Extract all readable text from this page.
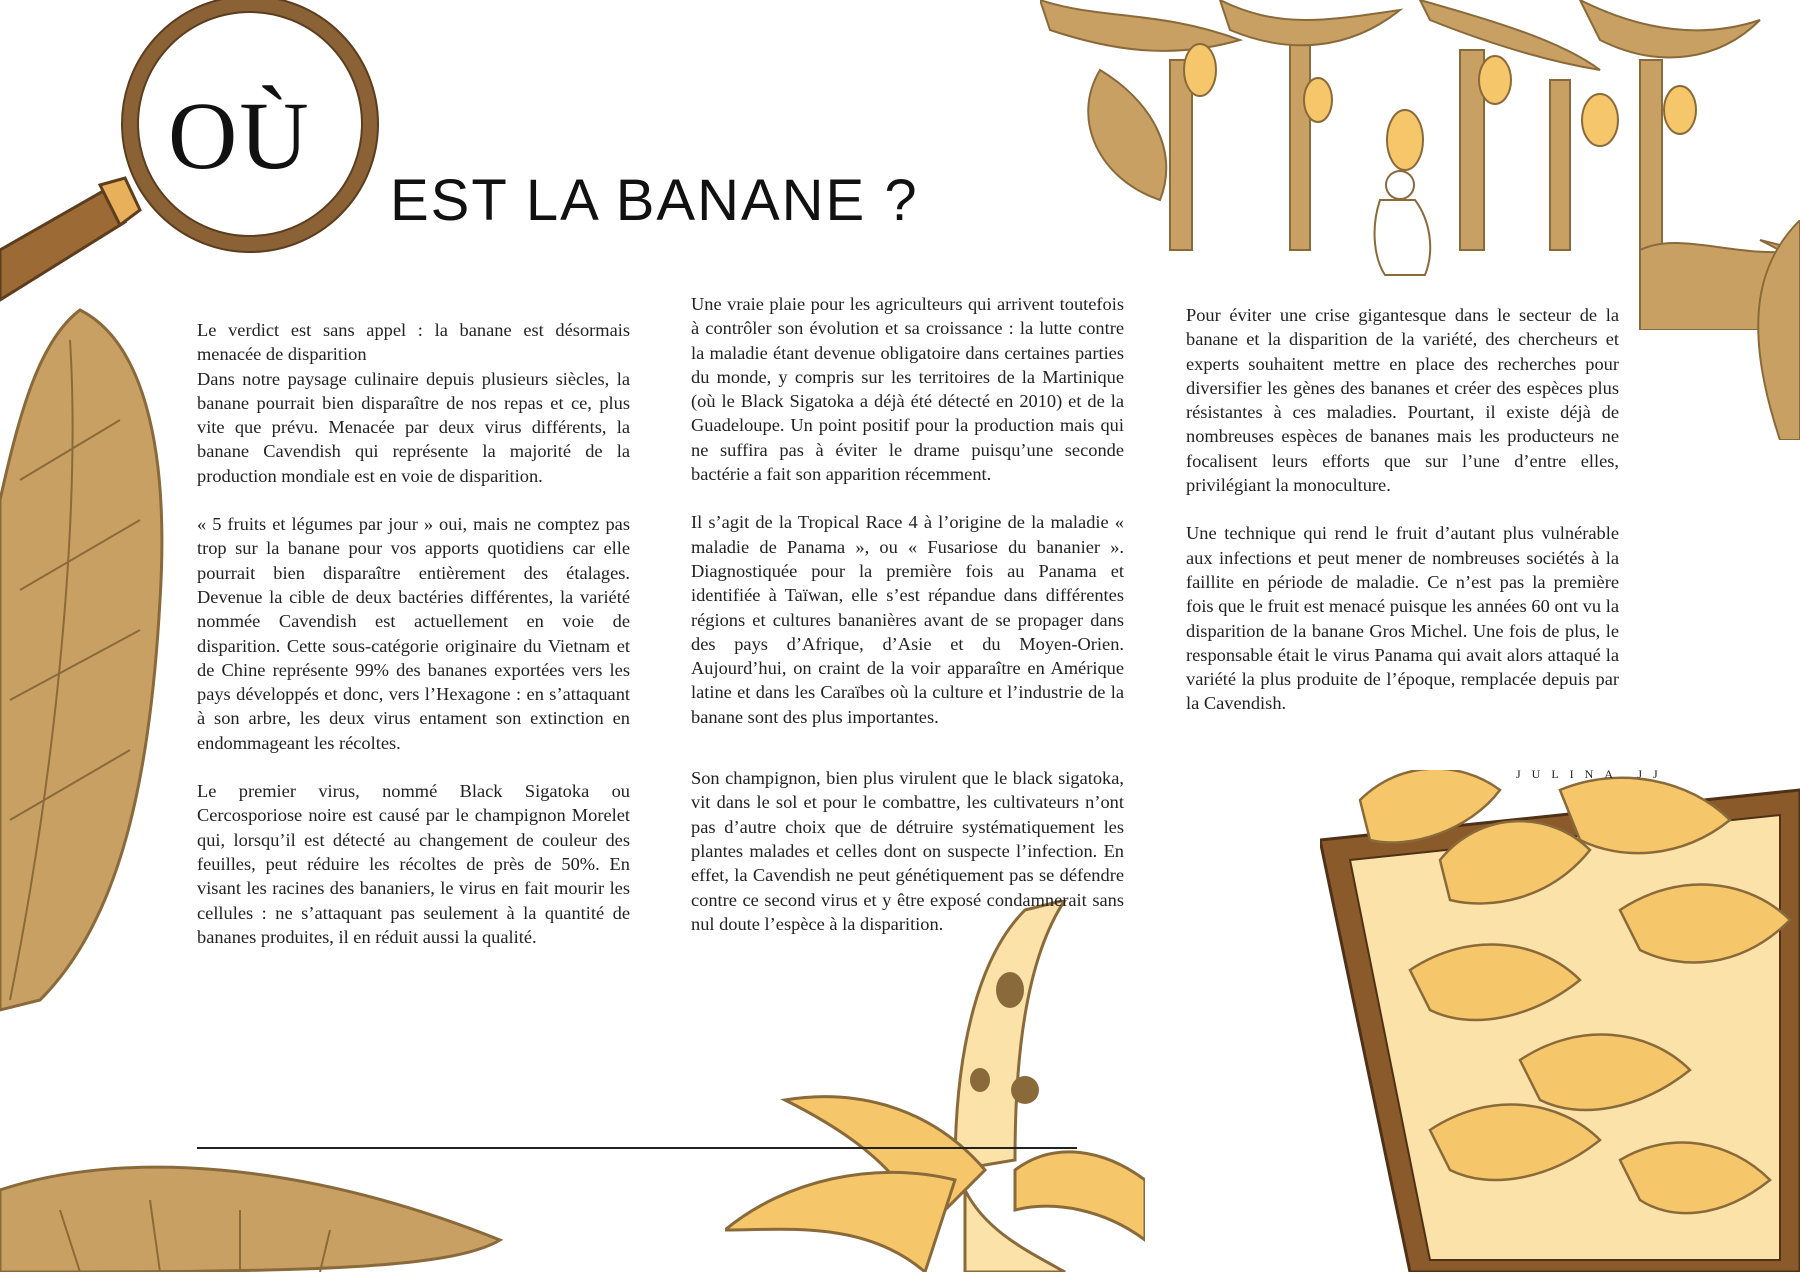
OÙ
EST LA BANANE ?

Le verdict est sans appel : la banane est désormais menacée de disparition

Dans notre paysage culinaire depuis plusieurs siècles, la banane pourrait bien disparaître de nos repas et ce, plus vite que prévu. Menacée par deux virus différents, la banane Cavendish qui représente la majorité de la production mondiale est en voie de disparition.

« 5 fruits et légumes par jour » oui, mais ne comptez pas trop sur la banane pour vos apports quotidiens car elle pourrait bien disparaître entièrement des étalages. Devenue la cible de deux bactéries différentes, la variété nommée Cavendish est actuellement en voie de disparition. Cette sous-catégorie originaire du Vietnam et de Chine représente 99% des bananes exportées vers les pays développés et donc, vers l’Hexagone : en s’attaquant à son arbre, les deux virus entament son extinction en endommageant les récoltes.

Le premier virus, nommé Black Sigatoka ou Cercosporiose noire est causé par le champignon Morelet qui, lorsqu’il est détecté au changement de couleur des feuilles, peut réduire les récoltes de près de 50%. En visant les racines des bananiers, le virus en fait mourir les cellules : ne s’attaquant pas seulement à la quantité de bananes produites, il en réduit aussi la qualité.

Une vraie plaie pour les agriculteurs qui arrivent toutefois à contrôler son évolution et sa croissance : la lutte contre la maladie étant devenue obligatoire dans certaines parties du monde, y compris sur les territoires de la Martinique (où le Black Sigatoka a déjà été détecté en 2010) et de la Guadeloupe. Un point positif pour la production mais qui ne suffira pas à éviter le drame puisqu’une seconde bactérie a fait son apparition récemment.

Il s’agit de la Tropical Race 4 à l’origine de la maladie « maladie de Panama », ou « Fusariose du bananier ». Diagnostiquée pour la première fois au Panama et identifiée à Taïwan, elle s’est répandue dans différentes régions et cultures bananières avant de se propager dans des pays d’Afrique, d’Asie et du Moyen-Orien. Aujourd’hui, on craint de la voir apparaître en Amérique latine et dans les Caraïbes où la culture et l’industrie de la banane sont des plus importantes.

Son champignon, bien plus virulent que le black sigatoka, vit dans le sol et pour le combattre, les cultivateurs n’ont pas d’autre choix que de détruire systématiquement les plantes malades et celles dont on suspecte l’infection. En effet, la Cavendish ne peut génétiquement pas se défendre contre ce second virus et y être exposé condamnerait sans nul doute l’espèce à la disparition.

Pour éviter une crise gigantesque dans le secteur de la banane et la disparition de la variété, des chercheurs et experts souhaitent mettre en place des recherches pour diversifier les gènes des bananes et créer des espèces plus résistantes à ces maladies. Pourtant, il existe déjà de nombreuses espèces de bananes mais les producteurs ne focalisent leurs efforts que sur l’une d’entre elles, privilégiant la monoculture.

Une technique qui rend le fruit d’autant plus vulnérable aux infections et peut mener de nombreuses sociétés à la faillite en période de maladie. Ce n’est pas la première fois que le fruit est menacé puisque les années 60 ont vu la disparition de la banane Gros Michel. Une fois de plus, le responsable était le virus Panama qui avait alors attaqué la variété la plus produite de l’époque, remplacée depuis par la Cavendish.

JULINA JJ
